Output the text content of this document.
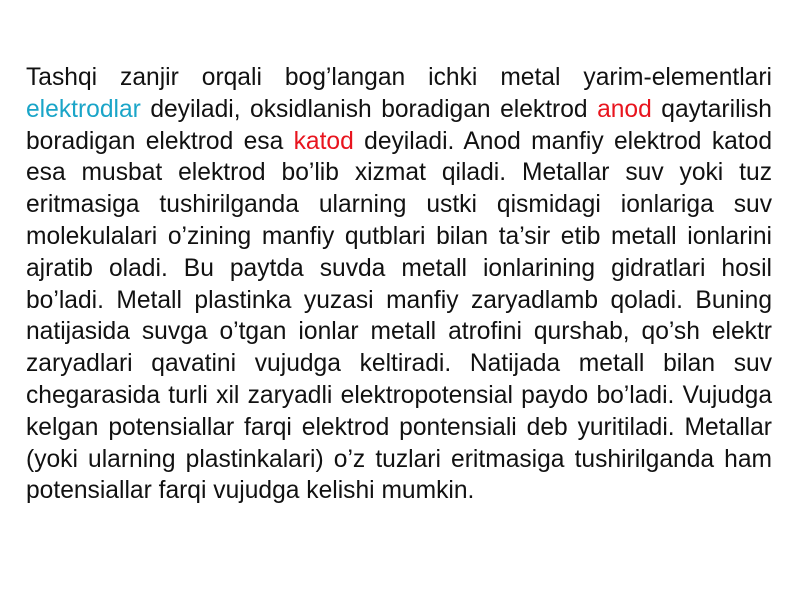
Tashqi zanjir orqali bog’langan ichki metal yarim-elementlari elektrodlar deyiladi, oksidlanish boradigan elektrod anod qaytarilish boradigan elektrod esa katod deyiladi. Anod manfiy elektrod katod esa musbat elektrod bo’lib xizmat qiladi. Metallar suv yoki tuz eritmasiga tushirilganda ularning ustki qismidagi ionlariga suv molekulalari o’zining manfiy qutblari bilan ta’sir etib metall ionlarini ajratib oladi. Bu paytda suvda metall ionlarining gidratlari hosil bo’ladi. Metall plastinka yuzasi manfiy zaryadlamb qoladi. Buning natijasida suvga o’tgan ionlar metall atrofini qurshab, qo’sh elektr zaryadlari qavatini vujudga keltiradi. Natijada metall bilan suv chegarasida turli xil zaryadli elektropotensial paydo bo’ladi. Vujudga kelgan potensiallar farqi elektrod pontensiali deb yuritiladi. Metallar (yoki ularning plastinkalari) o’z tuzlari eritmasiga tushirilganda ham potensiallar farqi vujudga kelishi mumkin.
